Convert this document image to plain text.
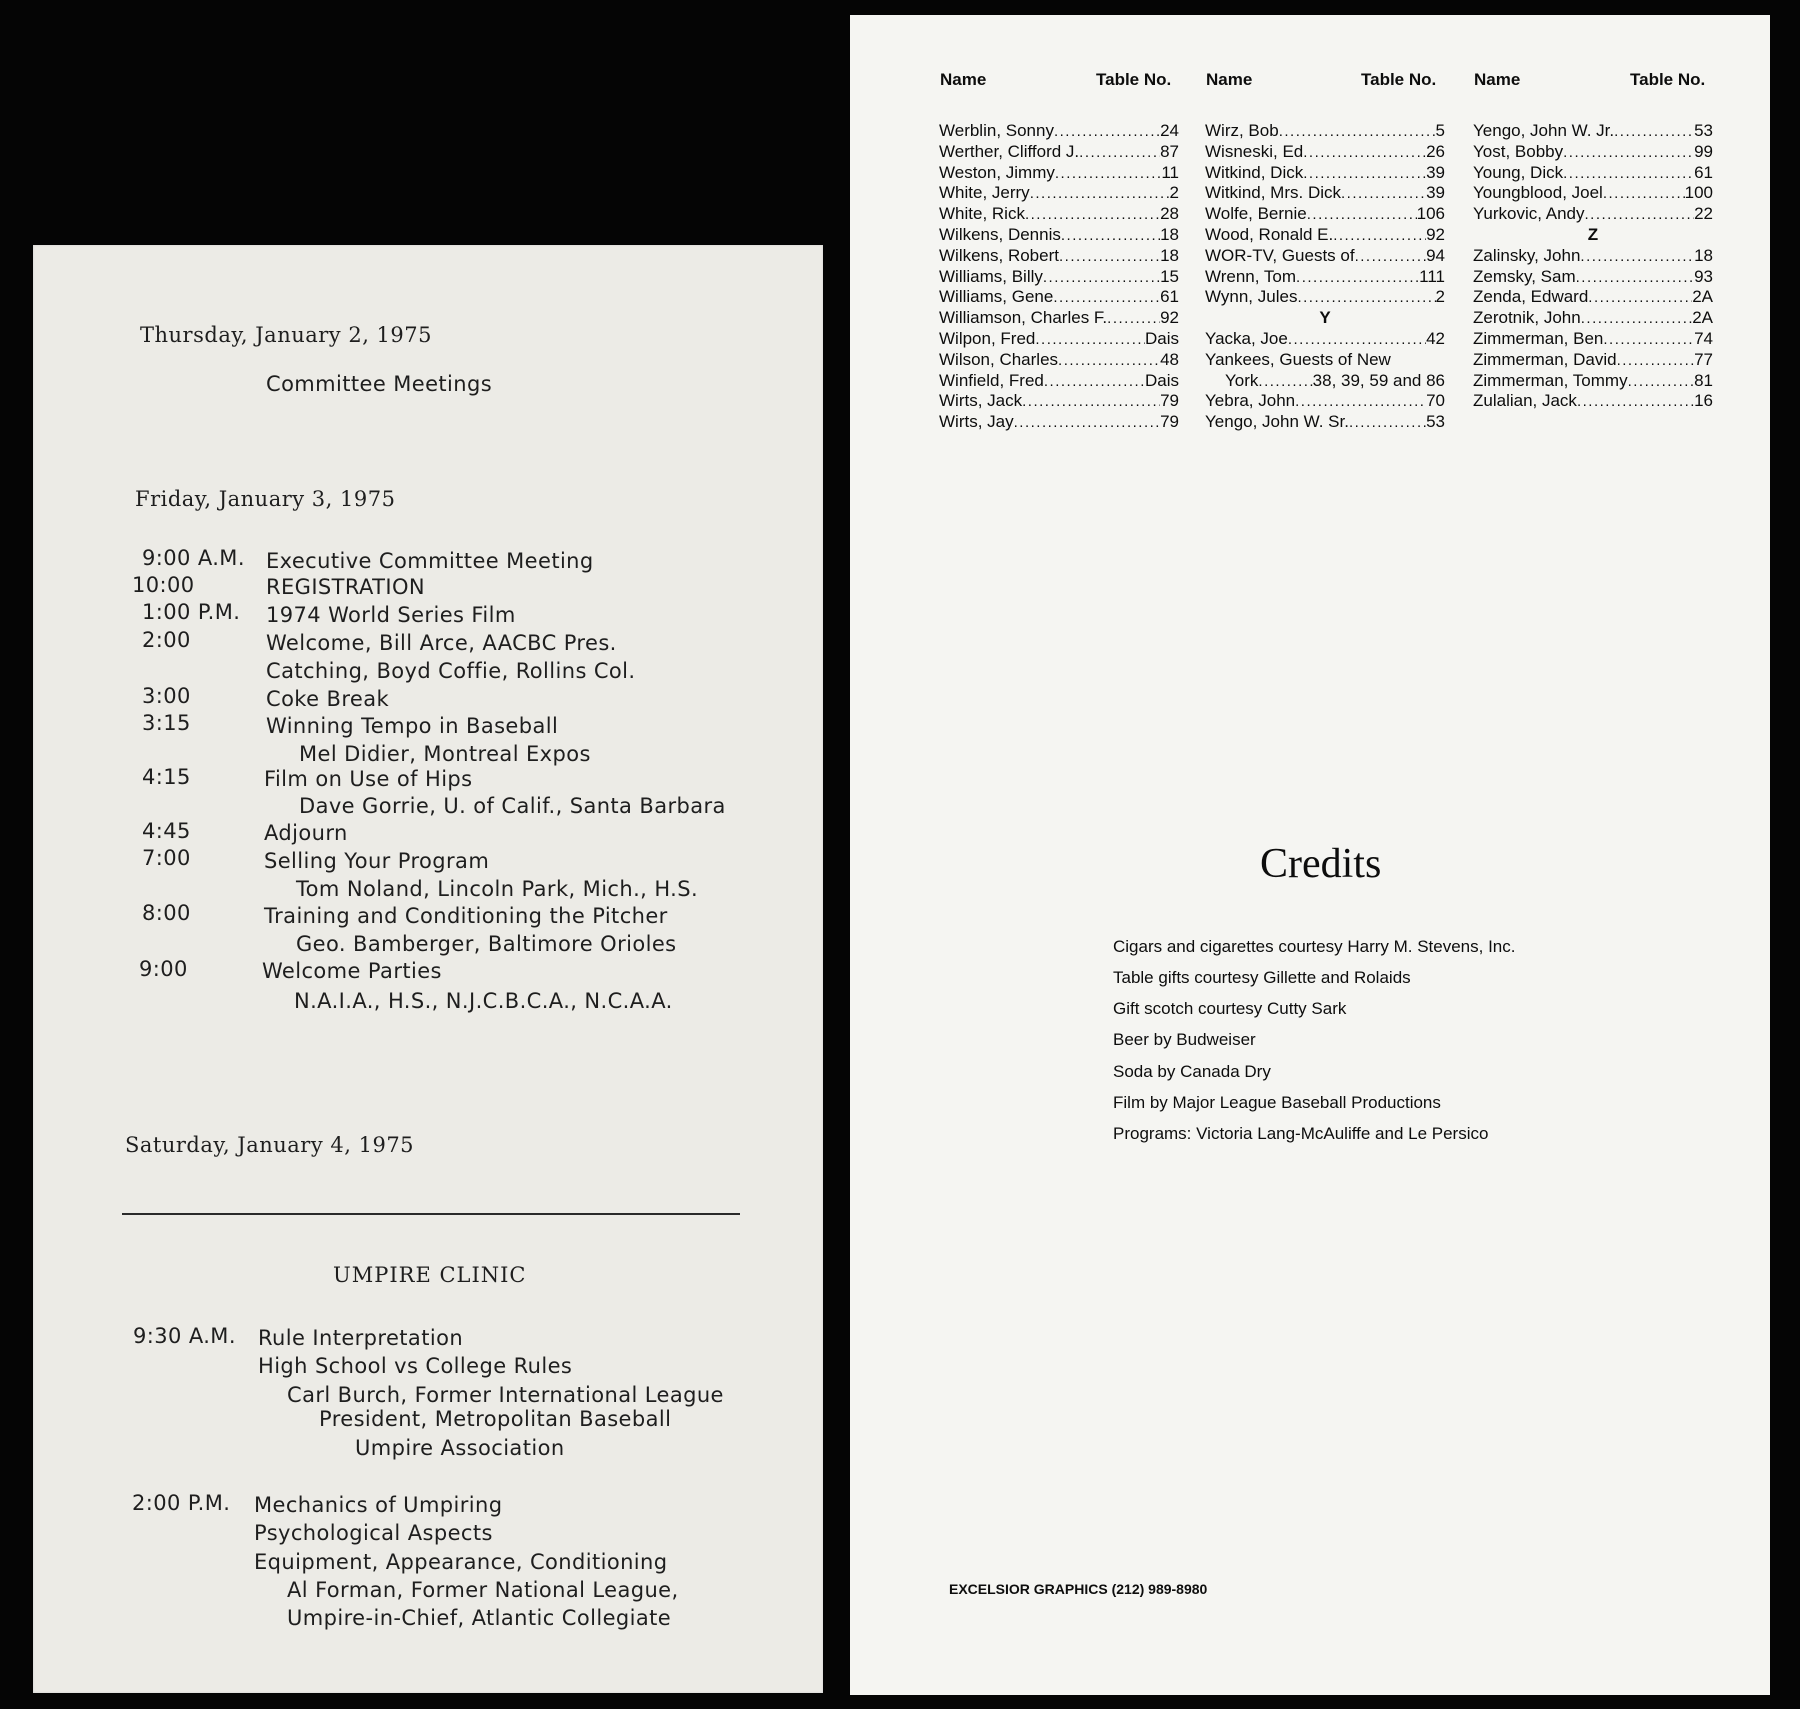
Thursday, January 2, 1975
Committee Meetings
Friday, January 3, 1975
9:00 A.M. Executive Committee Meeting
10:00	REGISTRATION
1:00 P.M. 1974 World Series Film
2:00	Welcome, Bill Arce, AACBC Pres.
Catching, Boyd Coffie, Rollins Col.
3:00	Coke Break
3:15	Winning Tempo in Baseball
Mel Didier, Montreal Expos
4:15	Film on Use of Hips
Dave Gorrie, U. of Calif., Santa Barbara
4:45	Adjourn
7:00	Selling Your Program
Tom Noland, Lincoln Park, Mich., H.S.
8:00	Training and Conditioning the Pitcher
Geo. Bamberger, Baltimore Orioles
9:00	Welcome Parties
N.A.I.A., H.S., N.J.C.B.C.A., N.C.A.A.
Saturday, January 4, 1975
UMPIRE CLINIC
9:30 A.M. Rule Interpretation
High School vs College Rules
Carl Burch, Former International League
President, Metropolitan Baseball
Umpire Association
2:00 P.M. Mechanics of Umpiring
Psychological Aspects
Equipment, Appearance, Conditioning
Al Forman, Former National League,
Umpire-in-Chief, Atlantic Collegiate
Name	Table No. Name	Table No. Name	Table No.
Werblin, Sonny .....	24
Werther, Clifford J. .....	87
Weston, Jimmy .....	11
White, Jerry .....	2
White, Rick .....	28
Wilkens, Dennis .....	18
Wilkens, Robert .....	18
Williams, Billy .....	15
Williams, Gene .....	61
Williamson, Charles F. .....	92
Wilpon, Fred .....	Dais
Wilson, Charles .....	48
Winfield, Fred .....	Dais
Wirts, Jack .....	79
Wirts, Jay .....	79
Wirz, Bob .....	5
Wisneski, Ed .....	26
Witkind, Dick .....	39
Witkind, Mrs. Dick .....	39
Wolfe, Bernie .....	106
Wood, Ronald E. .....	92
WOR-TV, Guests of .....	94
Wrenn, Tom .....	111
Wynn, Jules .....	2
Y
Yacka, Joe .....	42
Yankees, Guests of New
York .....	38, 39, 59 and 86
Yebra, John .....	70
Yengo, John W. Sr. .....	53
Yengo, John W. Jr. .....	53
Yost, Bobby .....	99
Young, Dick .....	61
Youngblood, Joel .....	100
Yurkovic, Andy .....	22
Z
Zalinsky, John .....	18
Zemsky, Sam .....	93
Zenda, Edward .....	2A
Zerotnik, John .....	2A
Zimmerman, Ben .....	74
Zimmerman, David .....	77
Zimmerman, Tommy .....	81
Zulalian, Jack .....	16
Credits
Cigars and cigarettes courtesy Harry M. Stevens, Inc.
Table gifts courtesy Gillette and Rolaids
Gift scotch courtesy Cutty Sark
Beer by Budweiser
Soda by Canada Dry
Film by Major League Baseball Productions
Programs: Victoria Lang-McAuliffe and Le Persico
EXCELSIOR GRAPHICS (212) 989-8980
